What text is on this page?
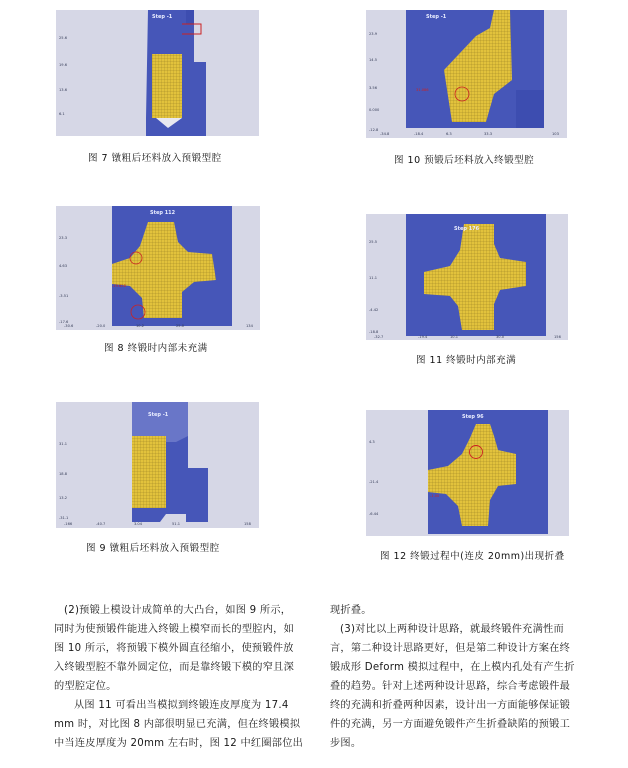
Step -1
25.6
19.6
13.6
6.1
图 7 镦粗后坯料放入预锻型腔
Step -1
31.086
23.9
14.5
3.56
0.000
-12.8
-34.8	-18.4	6.3	33.3	103
图 10 预锻后坯料放入终锻型腔
Step 112
-19.628
23.3
4.63
-3.51
-17.6
-30.6	-20.0	10.2	25.0	134
图 8 终锻时内部未充满
Step 176
25.5
11.1
-4.42
-18.8
-32.7	-19.4	10.1	30.0	156
图 11 终锻时内部充满
Step -1
31.1
18.8
13.2
-31.1
-166	-40.7	3.04	51.1	158
图 9 镦粗后坯料放入预锻型腔
Step 96
-1.00
4.3
-21.4
-6.44
图 12 终锻过程中(连皮 20mm)出现折叠

(2)预锻上模设计成简单的大凸台，如图 9 所示，

同时为使预锻件能进入终锻上模窄而长的型腔内，如

图 10 所示，将预锻下模外圆直径缩小，使预锻件放

入终锻型腔不靠外圆定位，而是靠终锻下模的窄且深

的型腔定位。

从图 11 可看出当模拟到终锻连皮厚度为 17.4

mm 时，对比图 8 内部很明显已充满，但在终锻模拟

中当连皮厚度为 20mm 左右时，图 12 中红圈部位出

现折叠。

(3)对比以上两种设计思路，就最终锻件充满性而

言，第二种设计思路更好，但是第二种设计方案在终

锻成形 Deform 模拟过程中，在上模内孔处有产生折

叠的趋势。针对上述两种设计思路，综合考虑锻件最

终的充满和折叠两种因素，设计出一方面能够保证锻

件的充满，另一方面避免锻件产生折叠缺陷的预锻工

步图。
